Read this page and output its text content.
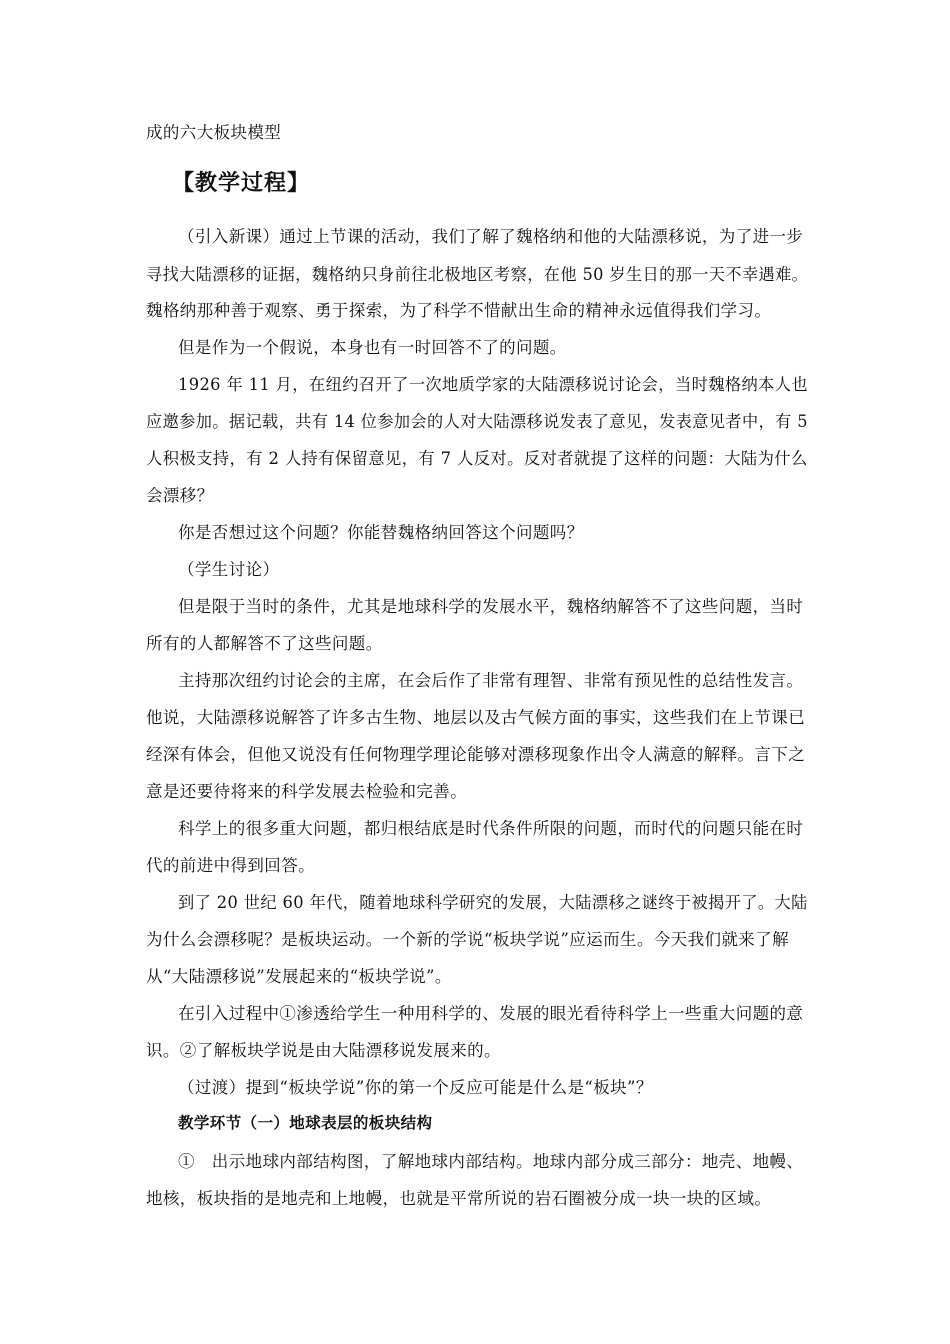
成的六大板块模型
【教学过程】
（引入新课）通过上节课的活动，我们了解了魏格纳和他的大陆漂移说，为了进一步
寻找大陆漂移的证据，魏格纳只身前往北极地区考察，在他 50 岁生日的那一天不幸遇难。
魏格纳那种善于观察、勇于探索，为了科学不惜献出生命的精神永远值得我们学习。
但是作为一个假说，本身也有一时回答不了的问题。
1926 年 11 月，在纽约召开了一次地质学家的大陆漂移说讨论会，当时魏格纳本人也
应邀参加。据记载，共有 14 位参加会的人对大陆漂移说发表了意见，发表意见者中，有 5
人积极支持，有 2 人持有保留意见，有 7 人反对。反对者就提了这样的问题：大陆为什么
会漂移？
你是否想过这个问题？你能替魏格纳回答这个问题吗？
（学生讨论）
但是限于当时的条件，尤其是地球科学的发展水平，魏格纳解答不了这些问题，当时
所有的人都解答不了这些问题。
主持那次纽约讨论会的主席，在会后作了非常有理智、非常有预见性的总结性发言。
他说，大陆漂移说解答了许多古生物、地层以及古气候方面的事实，这些我们在上节课已
经深有体会，但他又说没有任何物理学理论能够对漂移现象作出令人满意的解释。言下之
意是还要待将来的科学发展去检验和完善。
科学上的很多重大问题，都归根结底是时代条件所限的问题，而时代的问题只能在时
代的前进中得到回答。
到了 20 世纪 60 年代，随着地球科学研究的发展，大陆漂移之谜终于被揭开了。大陆
为什么会漂移呢？是板块运动。一个新的学说“板块学说”应运而生。今天我们就来了解
从“大陆漂移说”发展起来的“板块学说”。
在引入过程中①渗透给学生一种用科学的、发展的眼光看待科学上一些重大问题的意
识。②了解板块学说是由大陆漂移说发展来的。
（过渡）提到“板块学说”你的第一个反应可能是什么是“板块”？
教学环节（一）地球表层的板块结构
①　出示地球内部结构图，了解地球内部结构。地球内部分成三部分：地壳、地幔、
地核，板块指的是地壳和上地幔，也就是平常所说的岩石圈被分成一块一块的区域。
